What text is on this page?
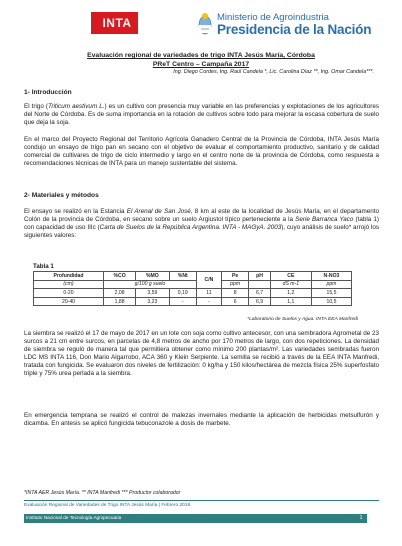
INTA	Ministerio de Agroindustria
Presidencia de la Nación
Evaluación regional de variedades de trigo INTA Jesús María, Córdoba
PReT Centro – Campaña 2017
Ing. Diego Cordes, Ing. Raúl Candela *, Lic. Carolina Díaz **, Ing. Omar Candela***.
1- Introducción
El trigo (Triticum aestivum L.) es un cultivo con presencia muy variable en las preferencias y explotaciones de los agricultores del Norte de Córdoba. Es de suma importancia en la rotación de cultivos sobre todo para mejorar la escasa cobertura de suelo que deja la soja.
En el marco del Proyecto Regional del Territorio Agrícola Ganadero Central de la Provincia de Córdoba, INTA Jesús María condujo un ensayo de trigo pan en secano con el objetivo de evaluar el comportamiento productivo, sanitario y de calidad comercial de cultivares de trigo de ciclo intermedio y largo en el centro norte de la provincia de Córdoba, como respuesta a recomendaciones técnicas de INTA para un manejo sustentable del sistema.
2- Materiales y métodos
El ensayo se realizó en la Estancia El Arenal de San José, 8 km al este de la localidad de Jesús María, en el departamento Colón de la provincia de Córdoba, en secano sobre un suelo Argiustol típico perteneciente a la Serie Barranca Yaco (tabla 1) con capacidad de uso IIIc (Carta de Suelos de la República Argentina. INTA - MAGyA. 2003), cuyo análisis de suelo* arrojó los siguientes valores:
Tabla 1
Profundidad	%CO	%MO	%Nt	C/N	Pe	pH	CE	N-NO3
(cm)	g/100 g suelo				ppm		dS m-1	ppm
0-20	2,08	3,59	0,19	11	8	6,7	1,2	15,5
20-40	1,88	3,23	-	-	6	6,9	1,1	10,5
*Laboratorio de Suelos y Agua. INTA EEA Manfredi
La siembra se realizó el 17 de mayo de 2017 en un lote con soja como cultivo antecesor, con una sembradora Agrometal de 23 surcos a 21 cm entre surcos, en parcelas de 4,8 metros de ancho por 170 metros de largo, con dos repeticiones. La densidad de siembra se reguló de manera tal que permitiera obtener como mínimo 200 plantas/m². Las variedades sembradas fueron LDC MS INTA 116, Don Mario Algarrobo, ACA 360 y Klein Serpiente. La semilla se recibió a través de la EEA INTA Manfredi, tratada con fungicida. Se evaluaron dos niveles de fertilización: 0 kg/ha y 150 kilos/hectárea de mezcla física 25% superfosfato triple y 75% urea perlada a la siembra.
En emergencia temprana se realizó el control de malezas invernales mediante la aplicación de herbicidas metsulfurón y dicamba. En antesis se aplicó fungicida tebuconazole a dosis de marbete.
*INTA AER Jesús María. ** INTA Manfredi *** Productor colaborador
Evaluación Regional de Variedades de Trigo INTA Jesús María | Febrero 2018
Instituto Nacional de Tecnología Agropecuaria	1
